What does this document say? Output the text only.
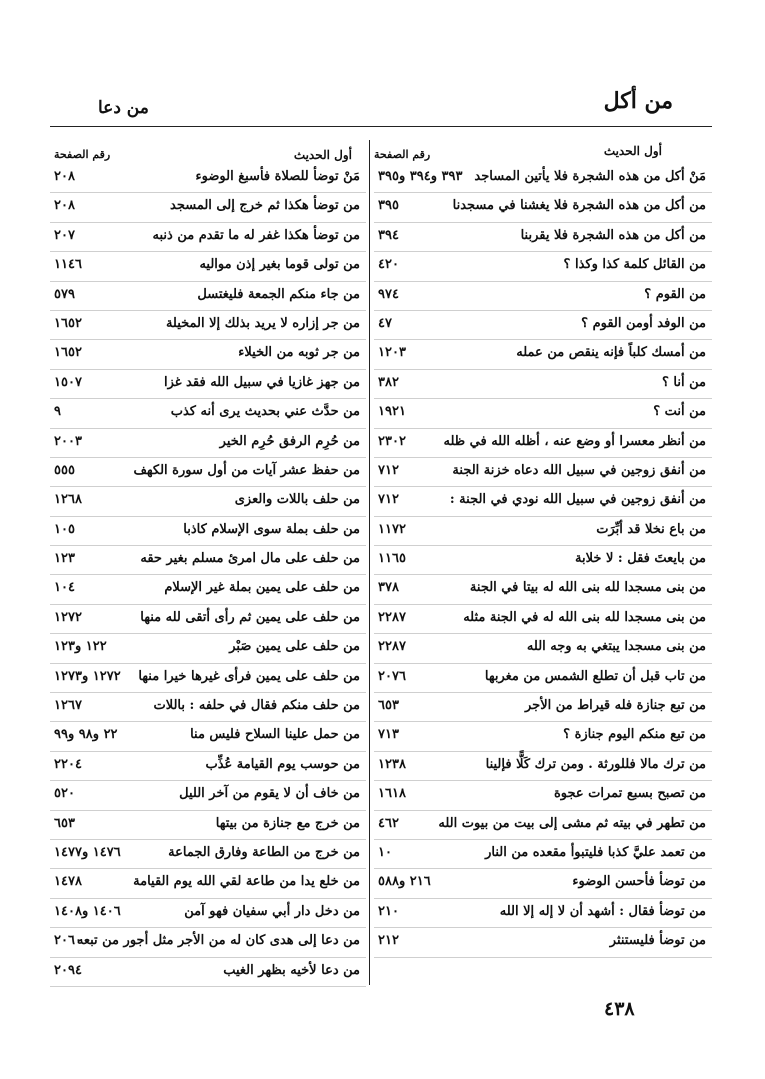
من أكل
من دعا
أول الحديث
رقم الصفحة
مَنْ أكل من هذه الشجرة فلا يأتين المساجد
٣٩٣ و٣٩٤ و٣٩٥
من أكل من هذه الشجرة فلا يغشنا في مسجدنا
٣٩٥
من أكل من هذه الشجرة فلا يقربنا
٣٩٤
من القائل كلمة كذا وكذا ؟
٤٢٠
من القوم ؟
٩٧٤
من الوفد أومن القوم ؟
٤٧
من أمسك كلباً فإنه ينقص من عمله
١٢٠٣
من أنا ؟
٣٨٢
من أنت ؟
١٩٢١
من أنظر معسرا أو وضع عنه ، أظله الله في ظله
٢٣٠٢
من أنفق زوجين في سبيل الله دعاه خزنة الجنة
٧١٢
من أنفق زوجين في سبيل الله نودي في الجنة :
٧١٢
من باع نخلا قد أبِّرَت
١١٧٢
من بايعتَ فقل : لا خلابة
١١٦٥
من بنى مسجدا لله بنى الله له بيتا في الجنة
٣٧٨
من بنى مسجدا لله بنى الله له في الجنة مثله
٢٢٨٧
من بنى مسجدا يبتغي به وجه الله
٢٢٨٧
من تاب قبل أن تطلع الشمس من مغربها
٢٠٧٦
من تبع جنازة فله قيراط من الأجر
٦٥٣
من تبع منكم اليوم جنازة ؟
٧١٣
من ترك مالا فللورثة . ومن ترك كَلًّا فإلينا
١٢٣٨
من تصبح بسبع تمرات عجوة
١٦١٨
من تطهر في بيته ثم مشى إلى بيت من بيوت الله
٤٦٢
من تعمد عليَّ كذبا فليتبوأ مقعده من النار
١٠
من توضأ فأحسن الوضوء
٢١٦ و٥٨٨
من توضأ فقال : أشهد أن لا إله إلا الله
٢١٠
من توضأ فليستنثر
٢١٢
أول الحديث
رقم الصفحة
مَنْ توضأ للصلاة فأسبغ الوضوء
٢٠٨
من توضأ هكذا ثم خرج إلى المسجد
٢٠٨
من توضأ هكذا غفر له ما تقدم من ذنبه
٢٠٧
من تولى قوما بغير إذن مواليه
١١٤٦
من جاء منكم الجمعة فليغتسل
٥٧٩
من جر إزاره لا يريد بذلك إلا المخيلة
١٦٥٢
من جر ثوبه من الخيلاء
١٦٥٢
من جهز غازيا في سبيل الله فقد غزا
١٥٠٧
من حدَّث عني بحديث يرى أنه كذب
٩
من حُرِم الرفق حُرِم الخير
٢٠٠٣
من حفظ عشر آيات من أول سورة الكهف
٥٥٥
من حلف باللات والعزى
١٢٦٨
من حلف بملة سوى الإسلام كاذبا
١٠٥
من حلف على مال امرئ مسلم بغير حقه
١٢٣
من حلف على يمين بملة غير الإسلام
١٠٤
من حلف على يمين ثم رأى أتقى لله منها
١٢٧٢
من حلف على يمين صَبْر
١٢٢ و١٢٣
من حلف على يمين فرأى غيرها خيرا منها
١٢٧٢ و١٢٧٣
من حلف منكم فقال في حلفه : باللات
١٢٦٧
من حمل علينا السلاح فليس منا
٢٢ و٩٨ و٩٩
من حوسب يوم القيامة عُذِّب
٢٢٠٤
من خاف أن لا يقوم من آخر الليل
٥٢٠
من خرج مع جنازة من بيتها
٦٥٣
من خرج من الطاعة وفارق الجماعة
١٤٧٦ و١٤٧٧
من خلع يدا من طاعة لقي الله يوم القيامة
١٤٧٨
من دخل دار أبي سفيان فهو آمن
١٤٠٦ و١٤٠٨
من دعا إلى هدى كان له من الأجر مثل أجور من تبعه
٢٠٦٠
من دعا لأخيه بظهر الغيب
٢٠٩٤
٤٣٨
